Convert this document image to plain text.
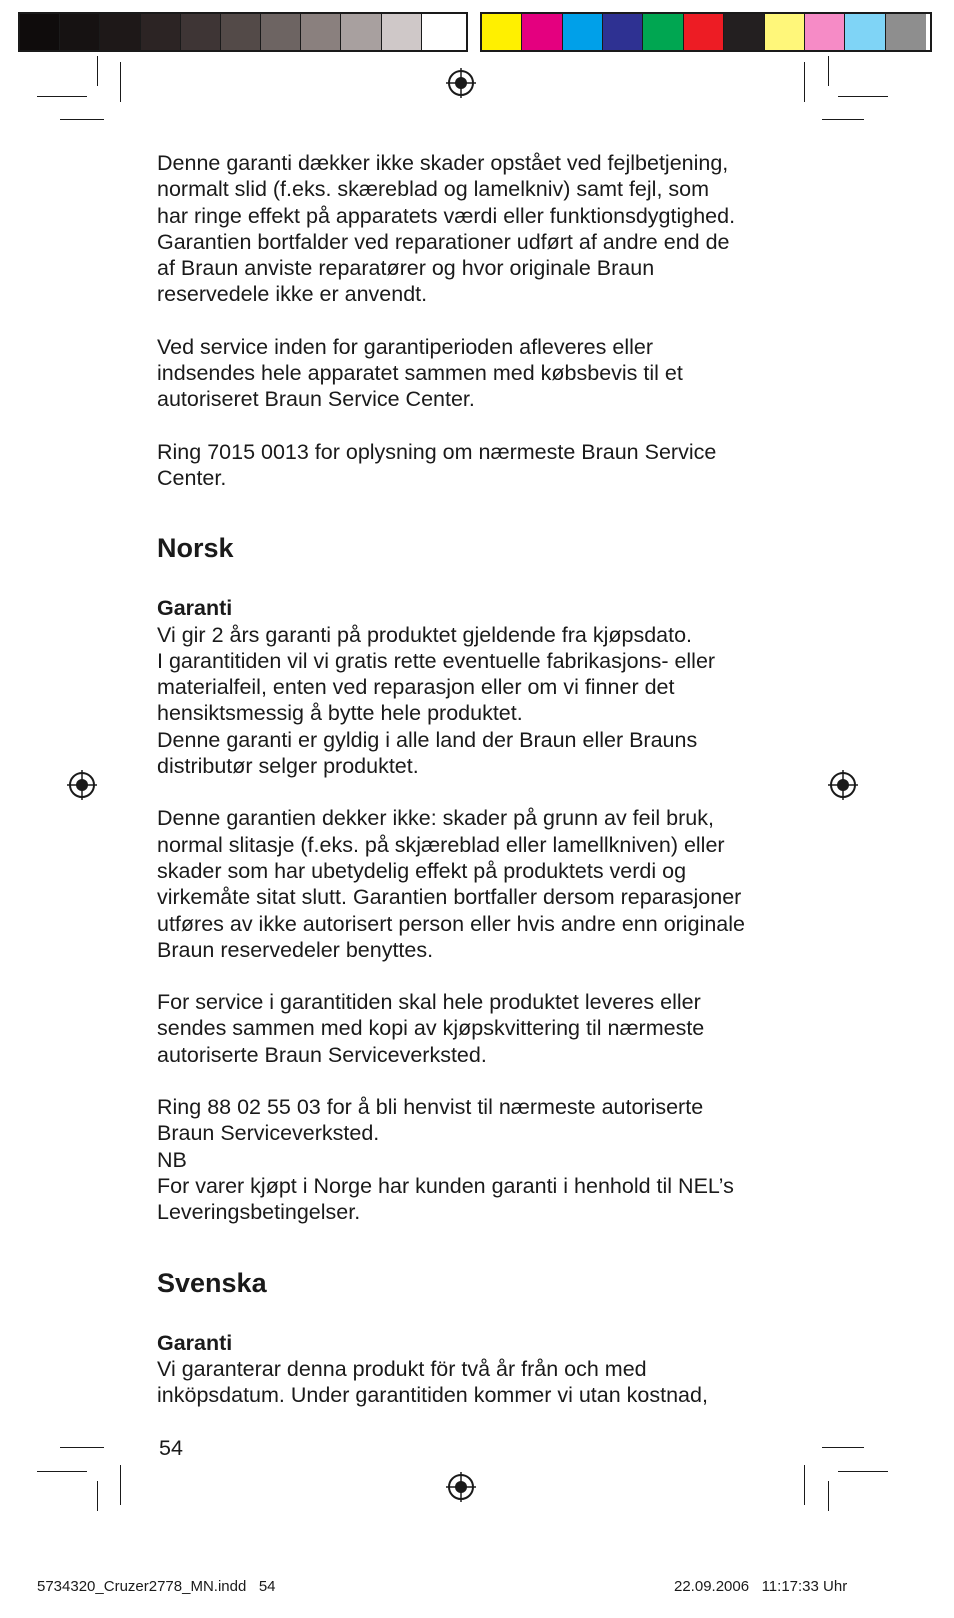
Denne garanti dækker ikke skader opstået ved fejlbetjening,
normalt slid (f.eks. skæreblad og lamelkniv) samt fejl, som
har ringe effekt på apparatets værdi eller funktionsdygtighed.
Garantien bortfalder ved reparationer udført af andre end de
af Braun anviste reparatører og hvor originale Braun
reservedele ikke er anvendt.

Ved service inden for garantiperioden afleveres eller
indsendes hele apparatet sammen med købsbevis til et
autoriseret Braun Service Center.

Ring 7015 0013 for oplysning om nærmeste Braun Service
Center.

Norsk
Garanti

Vi gir 2 års garanti på produktet gjeldende fra kjøpsdato.
I garantitiden vil vi gratis rette eventuelle fabrikasjons- eller
materialfeil, enten ved reparasjon eller om vi finner det
hensiktsmessig å bytte hele produktet.
Denne garanti er gyldig i alle land der Braun eller Brauns
distributør selger produktet.

Denne garantien dekker ikke: skader på grunn av feil bruk,
normal slitasje (f.eks. på skjæreblad eller lamellkniven) eller
skader som har ubetydelig effekt på produktets verdi og
virkemåte sitat slutt. Garantien bortfaller dersom reparasjoner
utføres av ikke autorisert person eller hvis andre enn originale
Braun reservedeler benyttes.

For service i garantitiden skal hele produktet leveres eller
sendes sammen med kopi av kjøpskvittering til nærmeste
autoriserte Braun Serviceverksted.

Ring 88 02 55 03 for å bli henvist til nærmeste autoriserte
Braun Serviceverksted.
NB
For varer kjøpt i Norge har kunden garanti i henhold til NEL’s
Leveringsbetingelser.

Svenska
Garanti

Vi garanterar denna produkt för två år från och med
inköpsdatum. Under garantitiden kommer vi utan kostnad,

54
5734320_Cruzer2778_MN.indd   54	22.09.2006   11:17:33 Uhr
